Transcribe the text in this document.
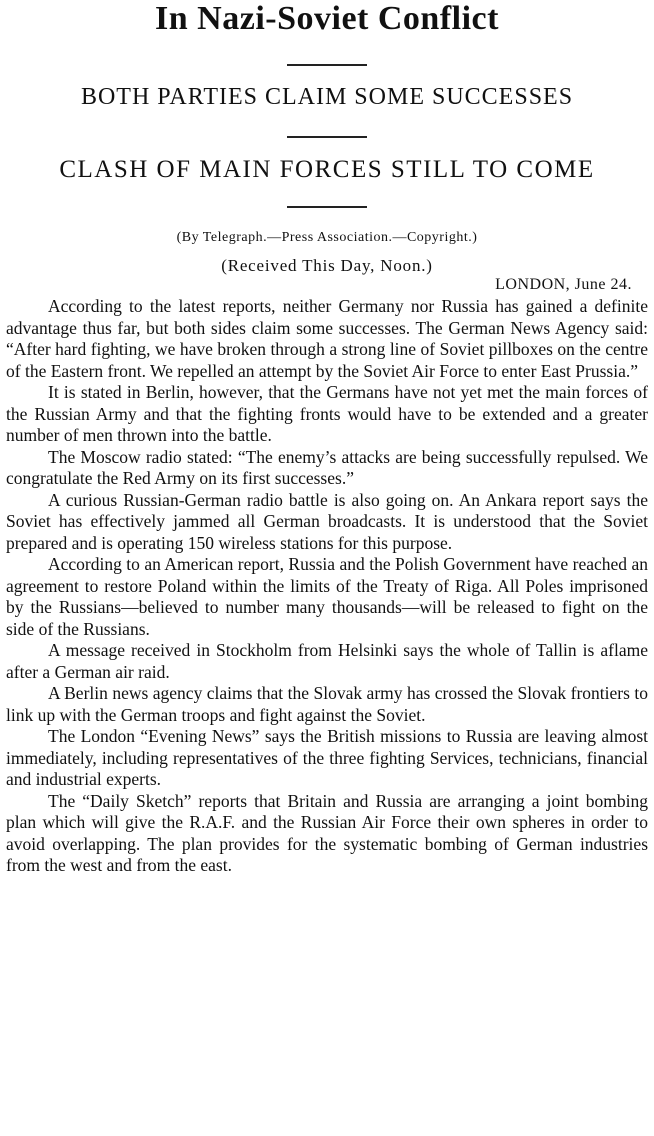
In Nazi-Soviet Conflict
BOTH PARTIES CLAIM SOME SUCCESSES
CLASH OF MAIN FORCES STILL TO COME
(By Telegraph.—Press Association.—Copyright.)
(Received This Day, Noon.)
LONDON, June 24.

According to the latest reports, neither Germany nor Russia has gained a definite advantage thus far, but both sides claim some successes. The German News Agency said: “After hard fighting, we have broken through a strong line of Soviet pillboxes on the centre of the Eastern front. We repelled an attempt by the Soviet Air Force to enter East Prussia.”

It is stated in Berlin, however, that the Germans have not yet met the main forces of the Russian Army and that the fighting fronts would have to be extended and a greater number of men thrown into the battle.

The Moscow radio stated: “The enemy’s attacks are being successfully repulsed. We congratulate the Red Army on its first successes.”

A curious Russian-German radio battle is also going on. An Ankara report says the Soviet has effectively jammed all German broadcasts. It is understood that the Soviet prepared and is operating 150 wireless stations for this purpose.

According to an American report, Russia and the Polish Government have reached an agreement to restore Poland within the limits of the Treaty of Riga. All Poles imprisoned by the Russians—believed to number many thousands—will be released to fight on the side of the Russians.

A message received in Stockholm from Helsinki says the whole of Tallin is aflame after a German air raid.

A Berlin news agency claims that the Slovak army has crossed the Slovak frontiers to link up with the German troops and fight against the Soviet.

The London “Evening News” says the British missions to Russia are leaving almost immediately, including representatives of the three fighting Services, technicians, financial and industrial experts.

The “Daily Sketch” reports that Britain and Russia are arranging a joint bombing plan which will give the R.A.F. and the Russian Air Force their own spheres in order to avoid overlapping. The plan provides for the systematic bombing of German industries from the west and from the east.
